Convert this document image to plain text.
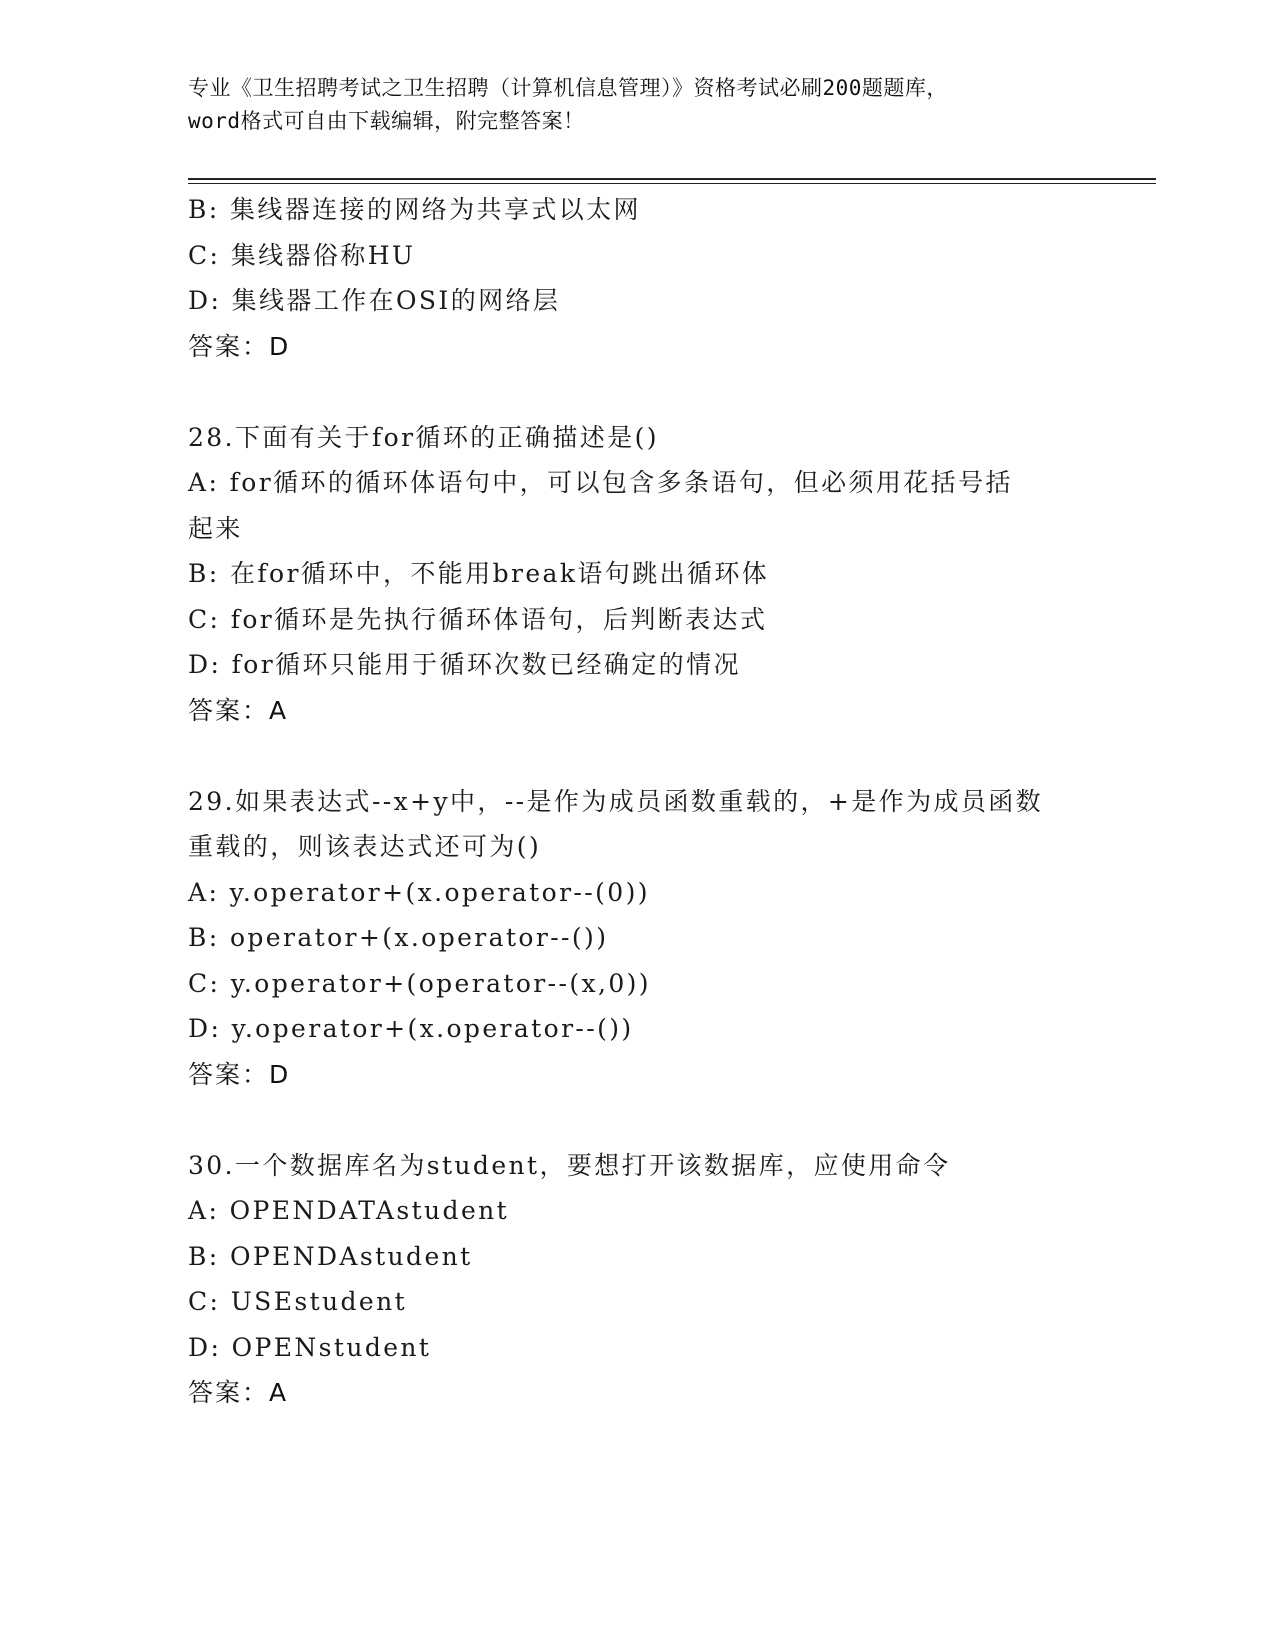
专业《卫生招聘考试之卫生招聘（计算机信息管理）》资格考试必刷200题题库，
word格式可自由下载编辑，附完整答案！
B: 集线器连接的网络为共享式以太网
C: 集线器俗称HU
D: 集线器工作在OSI的网络层
答案：D
28.下面有关于for循环的正确描述是()
A: for循环的循环体语句中，可以包含多条语句，但必须用花括号括
起来
B: 在for循环中，不能用break语句跳出循环体
C: for循环是先执行循环体语句，后判断表达式
D: for循环只能用于循环次数已经确定的情况
答案：A
29.如果表达式--x+y中，--是作为成员函数重载的，+是作为成员函数
重载的，则该表达式还可为()
A: y.operator+(x.operator--(0))
B: operator+(x.operator--())
C: y.operator+(operator--(x,0))
D: y.operator+(x.operator--())
答案：D
30.一个数据库名为student，要想打开该数据库，应使用命令
A: OPENDATAstudent
B: OPENDAstudent
C: USEstudent
D: OPENstudent
答案：A
